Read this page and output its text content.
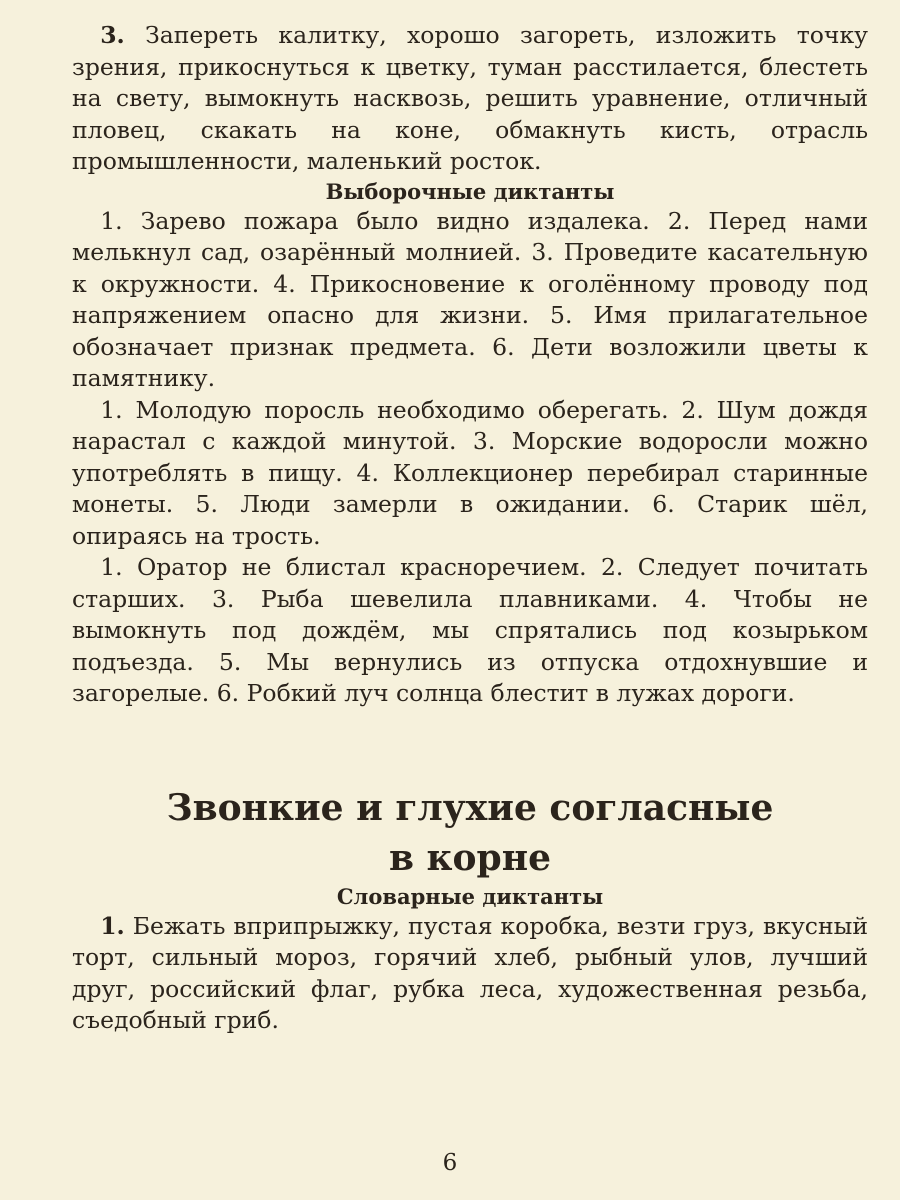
3. Запереть калитку, хорошо загореть, изложить точку зрения, прикоснуться к цветку, туман расстилается, блестеть на свету, вымокнуть насквозь, решить уравнение, отличный пловец, скакать на коне, обмакнуть кисть, отрасль промышленности, маленький росток.

Выборочные диктанты

1. Зарево пожара было видно издалека. 2. Перед нами мелькнул сад, озарённый молнией. 3. Проведите касательную к окружности. 4. Прикосновение к оголённому проводу под напряжением опасно для жизни. 5. Имя прилагательное обозначает признак предмета. 6. Дети возложили цветы к памятнику.

1. Молодую поросль необходимо оберегать. 2. Шум дождя нарастал с каждой минутой. 3. Морские водоросли можно употреблять в пищу. 4. Коллекционер перебирал старинные монеты. 5. Люди замерли в ожидании. 6. Старик шёл, опираясь на трость.

1. Оратор не блистал красноречием. 2. Следует почитать старших. 3. Рыба шевелила плавниками. 4. Чтобы не вымокнуть под дождём, мы спрятались под козырьком подъезда. 5. Мы вернулись из отпуска отдохнувшие и загорелые. 6. Робкий луч солнца блестит в лужах дороги.

Звонкие и глухие согласные
в корне
Словарные диктанты

1. Бежать вприпрыжку, пустая коробка, везти груз, вкусный торт, сильный мороз, горячий хлеб, рыбный улов, лучший друг, российский флаг, рубка леса, художественная резьба, съедобный гриб.

6
